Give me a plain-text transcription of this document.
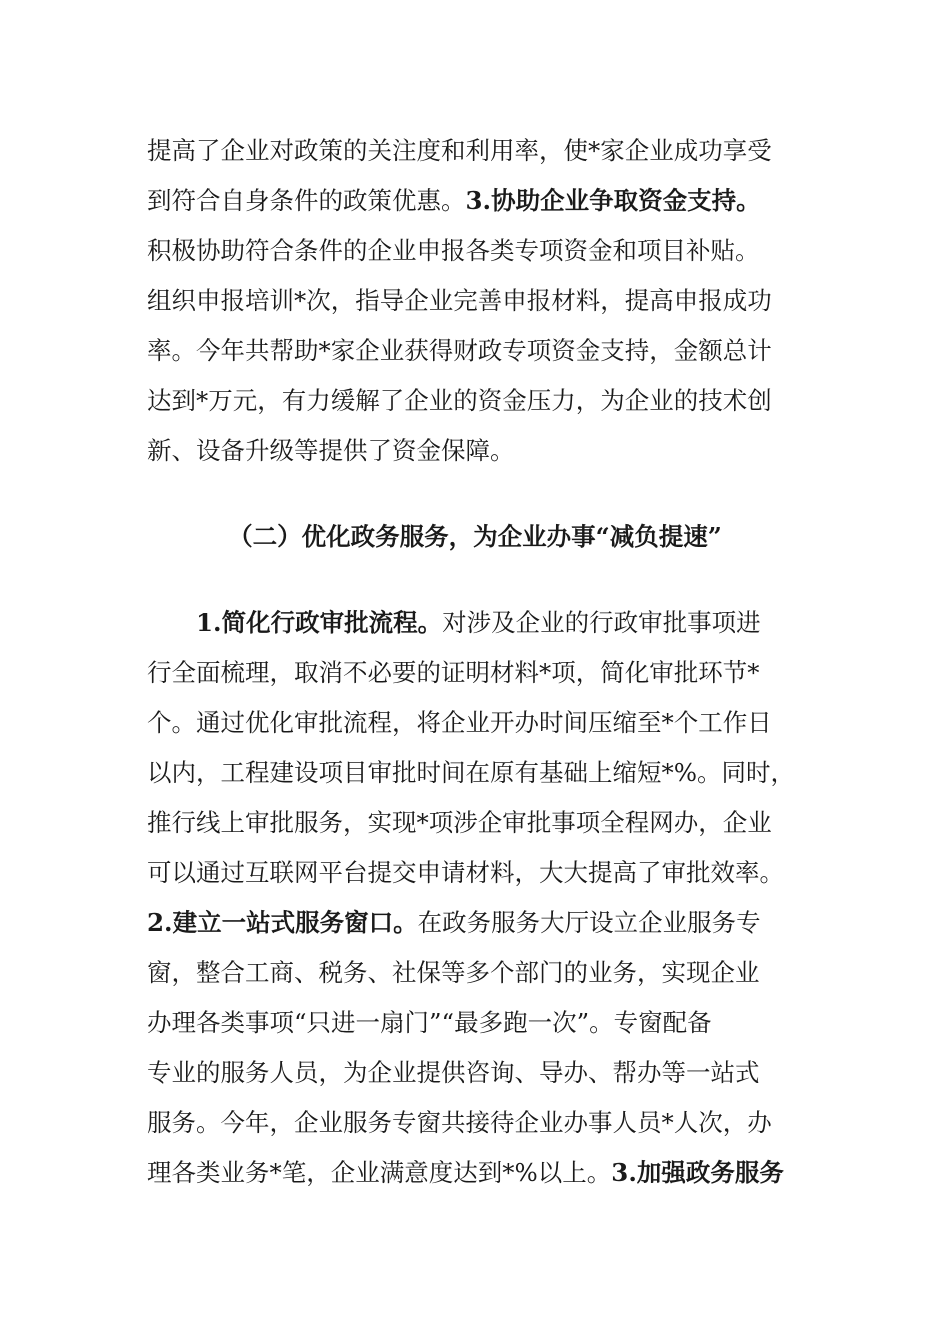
提高了企业对政策的关注度和利用率，使*家企业成功享受
到符合自身条件的政策优惠。3.协助企业争取资金支持。
积极协助符合条件的企业申报各类专项资金和项目补贴。
组织申报培训*次，指导企业完善申报材料，提高申报成功
率。今年共帮助*家企业获得财政专项资金支持，金额总计
达到*万元，有力缓解了企业的资金压力，为企业的技术创
新、设备升级等提供了资金保障。
（二）优化政务服务，为企业办事“减负提速”
1.简化行政审批流程。对涉及企业的行政审批事项进
行全面梳理，取消不必要的证明材料*项，简化审批环节*
个。通过优化审批流程，将企业开办时间压缩至*个工作日
以内，工程建设项目审批时间在原有基础上缩短*%。同时，
推行线上审批服务，实现*项涉企审批事项全程网办，企业
可以通过互联网平台提交申请材料，大大提高了审批效率。
2.建立一站式服务窗口。在政务服务大厅设立企业服务专
窗，整合工商、税务、社保等多个部门的业务，实现企业
办理各类事项“只进一扇门”“最多跑一次”。专窗配备
专业的服务人员，为企业提供咨询、导办、帮办等一站式
服务。今年，企业服务专窗共接待企业办事人员*人次，办
理各类业务*笔，企业满意度达到*%以上。3.加强政务服务
